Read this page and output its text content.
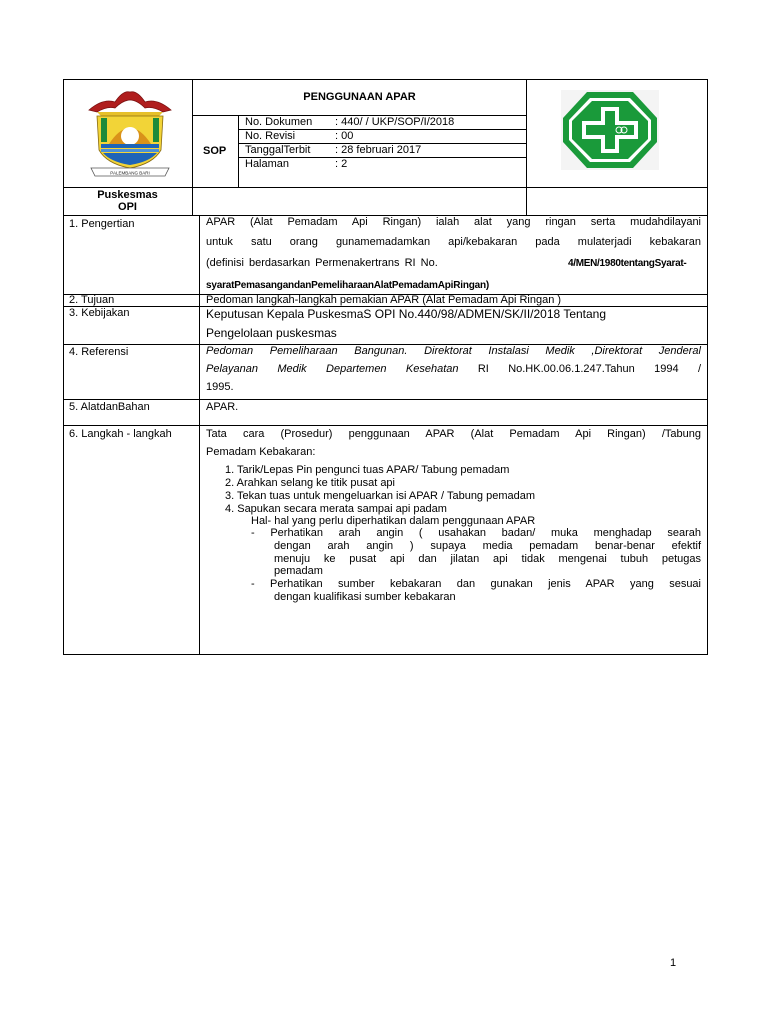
PALEMBANG BARI
PENGGUNAAN APAR
SOP
No. Dokumen : 440/ / UKP/SOP/I/2018
No. Revisi	: 00
TanggalTerbit : 28 februari 2017
Halaman	: 2
Puskesmas
OPI
1. Pengertian	APAR (Alat Pemadam Api Ringan) ialah alat yang ringan serta mudahdilayani
untuk satu orang gunamemadamkan api/kebakaran pada mulaterjadi kebakaran
(definisi berdasarkan Permenakertrans RI No.	4/MEN/1980tentangSyarat-
syaratPemasangandanPemeliharaanAlatPemadamApiRingan)
2. Tujuan	Pedoman langkah-langkah pemakian APAR (Alat Pemadam Api Ringan )
3. Kebijakan	Keputusan Kepala PuskesmaS OPI No.440/98/ADMEN/SK/II/2018 Tentang
Pengelolaan puskesmas
4. Referensi	Pedoman Pemeliharaan Bangunan. Direktorat Instalasi Medik ,Direktorat Jenderal
Pelayanan Medik Departemen Kesehatan RI No.HK.00.06.1.247.Tahun 1994 /
1995.
5. AlatdanBahan	APAR.
6. Langkah - langkah	Tata cara (Prosedur) penggunaan APAR (Alat Pemadam Api Ringan) /Tabung
Pemadam Kebakaran:
1. Tarik/Lepas Pin pengunci tuas APAR/ Tabung pemadam
2. Arahkan selang ke titik pusat api
3. Tekan tuas untuk mengeluarkan isi APAR / Tabung pemadam
4. Sapukan secara merata sampai api padam
Hal- hal yang perlu diperhatikan dalam penggunaan APAR
- Perhatikan arah angin ( usahakan badan/ muka menghadap searah
dengan arah angin ) supaya media pemadam benar-benar efektif
menuju ke pusat api dan jilatan api tidak mengenai tubuh petugas
pemadam
- Perhatikan sumber kebakaran dan gunakan jenis APAR yang sesuai
dengan kualifikasi sumber kebakaran
1
